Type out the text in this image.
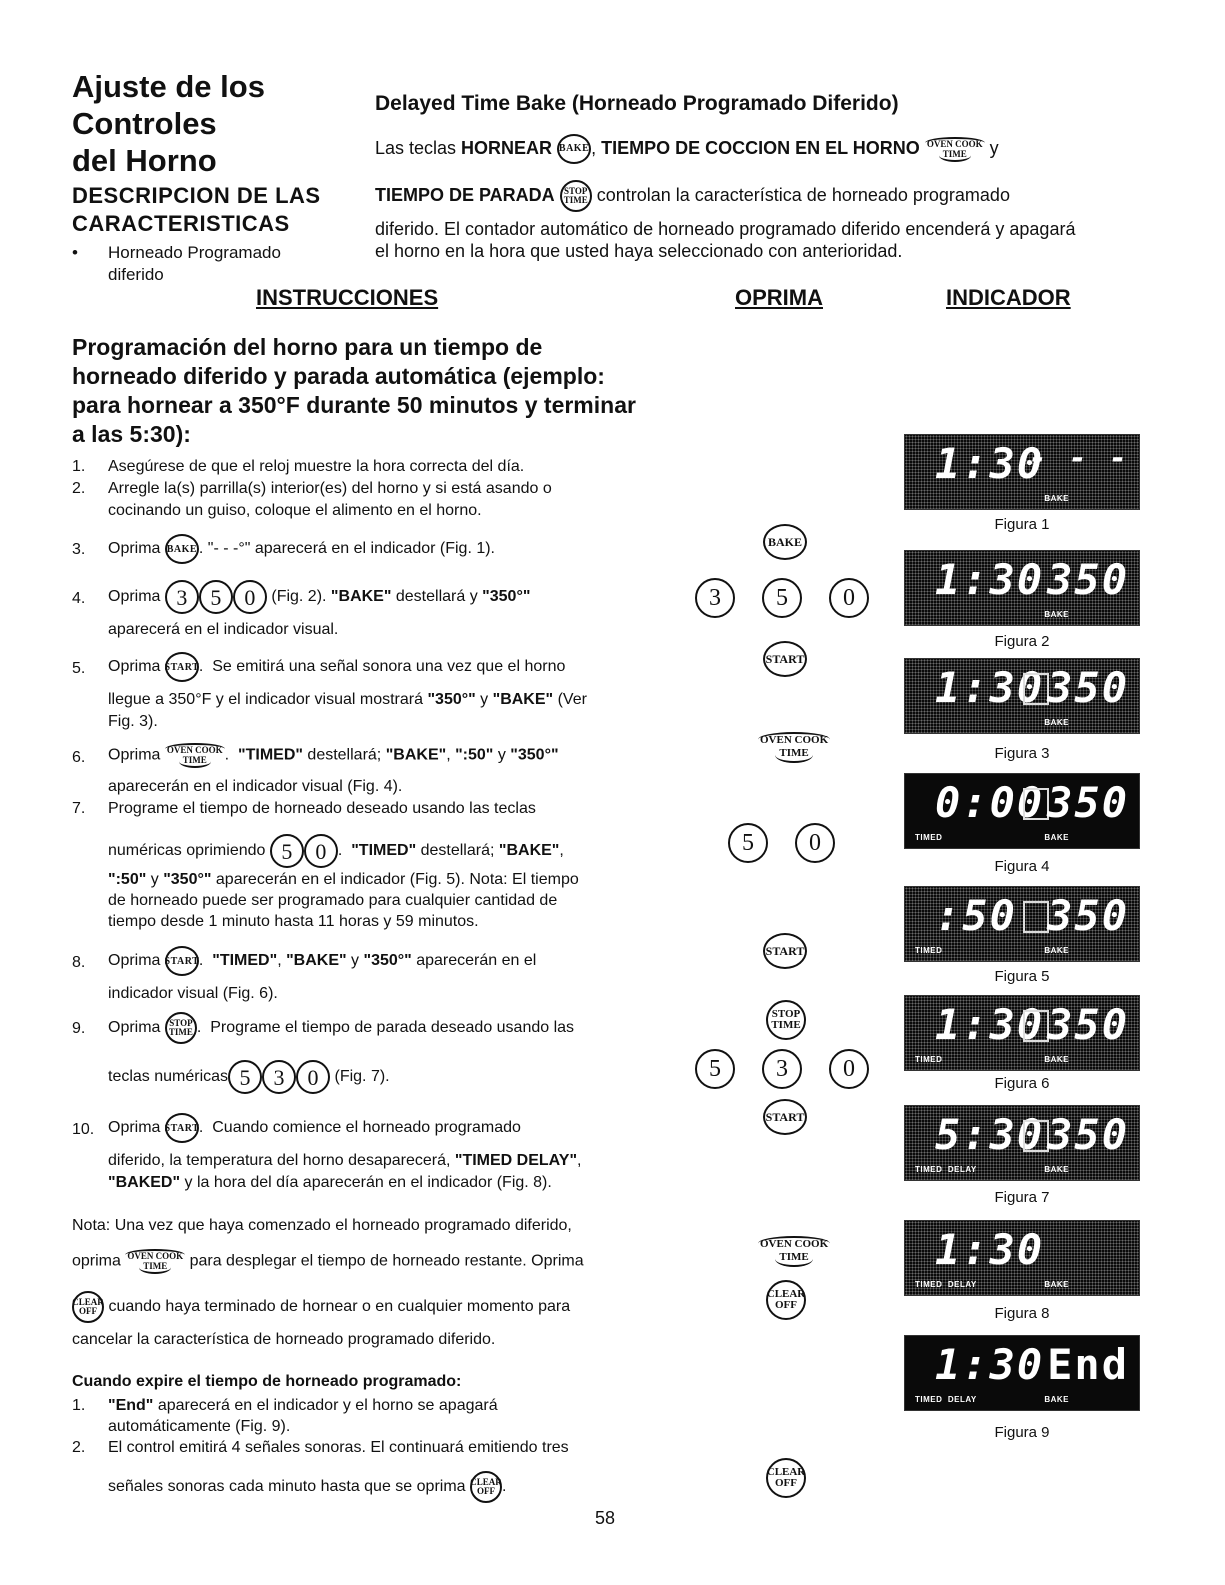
Ajuste de los
Controles
del Horno
DESCRIPCION DE LAS
CARACTERISTICAS
• Horneado Programado
diferido
Delayed Time Bake (Horneado Programado Diferido)
Las teclas HORNEAR BAKE , TIEMPO DE COCCION EN EL HORNO OVEN COOK
TIME y
TIEMPO DE PARADA STOP
TIME controlan la característica de horneado programado
diferido. El contador automático de horneado programado diferido encenderá y apagará
el horno en la hora que usted haya seleccionado con anterioridad.
INSTRUCCIONES	OPRIMA	INDICADOR
Programación del horno para un tiempo de
horneado diferido y parada automática (ejemplo:
para hornear a 350°F durante 50 minutos y terminar
a las 5:30):
1. Asegúrese de que el reloj muestre la hora correcta del día.
2. Arregle la(s) parrilla(s) interior(es) del horno y si está asando o
cocinando un guiso, coloque el alimento en el horno.
3. Oprima BAKE . "- - -°" aparecerá en el indicador (Fig. 1).
4. Oprima 3 5 0 (Fig. 2). "BAKE" destellará y "350°"
aparecerá en el indicador visual.
5. Oprima START .  Se emitirá una señal sonora una vez que el horno
llegue a 350°F y el indicador visual mostrará "350°" y "BAKE" (Ver
Fig. 3).
6. Oprima OVEN COOK
TIME .  "TIMED" destellará; "BAKE", ":50" y "350°"
aparecerán en el indicador visual (Fig. 4).
7. Programe el tiempo de horneado deseado usando las teclas
numéricas oprimiendo 5 0 .  "TIMED" destellará; "BAKE",
":50" y "350°" aparecerán en el indicador (Fig. 5). Nota: El tiempo
de horneado puede ser programado para cualquier cantidad de
tiempo desde 1 minuto hasta 11 horas y 59 minutos.
8. Oprima START .  "TIMED", "BAKE" y "350°" aparecerán en el
indicador visual (Fig. 6).
9. Oprima STOP
TIME .  Programe el tiempo de parada deseado usando las
teclas numéricas 5 3 0 (Fig. 7).
10. Oprima START .  Cuando comience el horneado programado
diferido, la temperatura del horno desaparecerá, "TIMED DELAY",
"BAKED" y la hora del día aparecerán en el indicador (Fig. 8).
Nota: Una vez que haya comenzado el horneado programado diferido,
oprima OVEN COOK
TIME para desplegar el tiempo de horneado restante. Oprima
CLEAR
OFF cuando haya terminado de hornear o en cualquier momento para
cancelar la característica de horneado programado diferido.
Cuando expire el tiempo de horneado programado:
1. "End" aparecerá en el indicador y el horno se apagará
automáticamente (Fig. 9).
2. El control emitirá 4 señales sonoras. El continuará emitiendo tres
señales sonoras cada minuto hasta que se oprima CLEAR
OFF .
BAKE
3 5 0
START
OVEN COOK
TIME
5 0
START
STOP
TIME
5 3 0
START
OVEN COOK
TIME
CLEAR
OFF
CLEAR
OFF
1:30
- - -
BAKE
Figura 1
1:30 350
BAKE
Figura 2
1:30 350
BAKE
Figura 3
0:00 350
TIMED	BAKE
Figura 4
:50 350
TIMED	BAKE
Figura 5
1:30 350
TIMED	BAKE
Figura 6
5:30 350
TIMED  DELAY	BAKE
Figura 7
1:30
TIMED  DELAY	BAKE
Figura 8
1:30 End
TIMED  DELAY	BAKE
Figura 9
58
